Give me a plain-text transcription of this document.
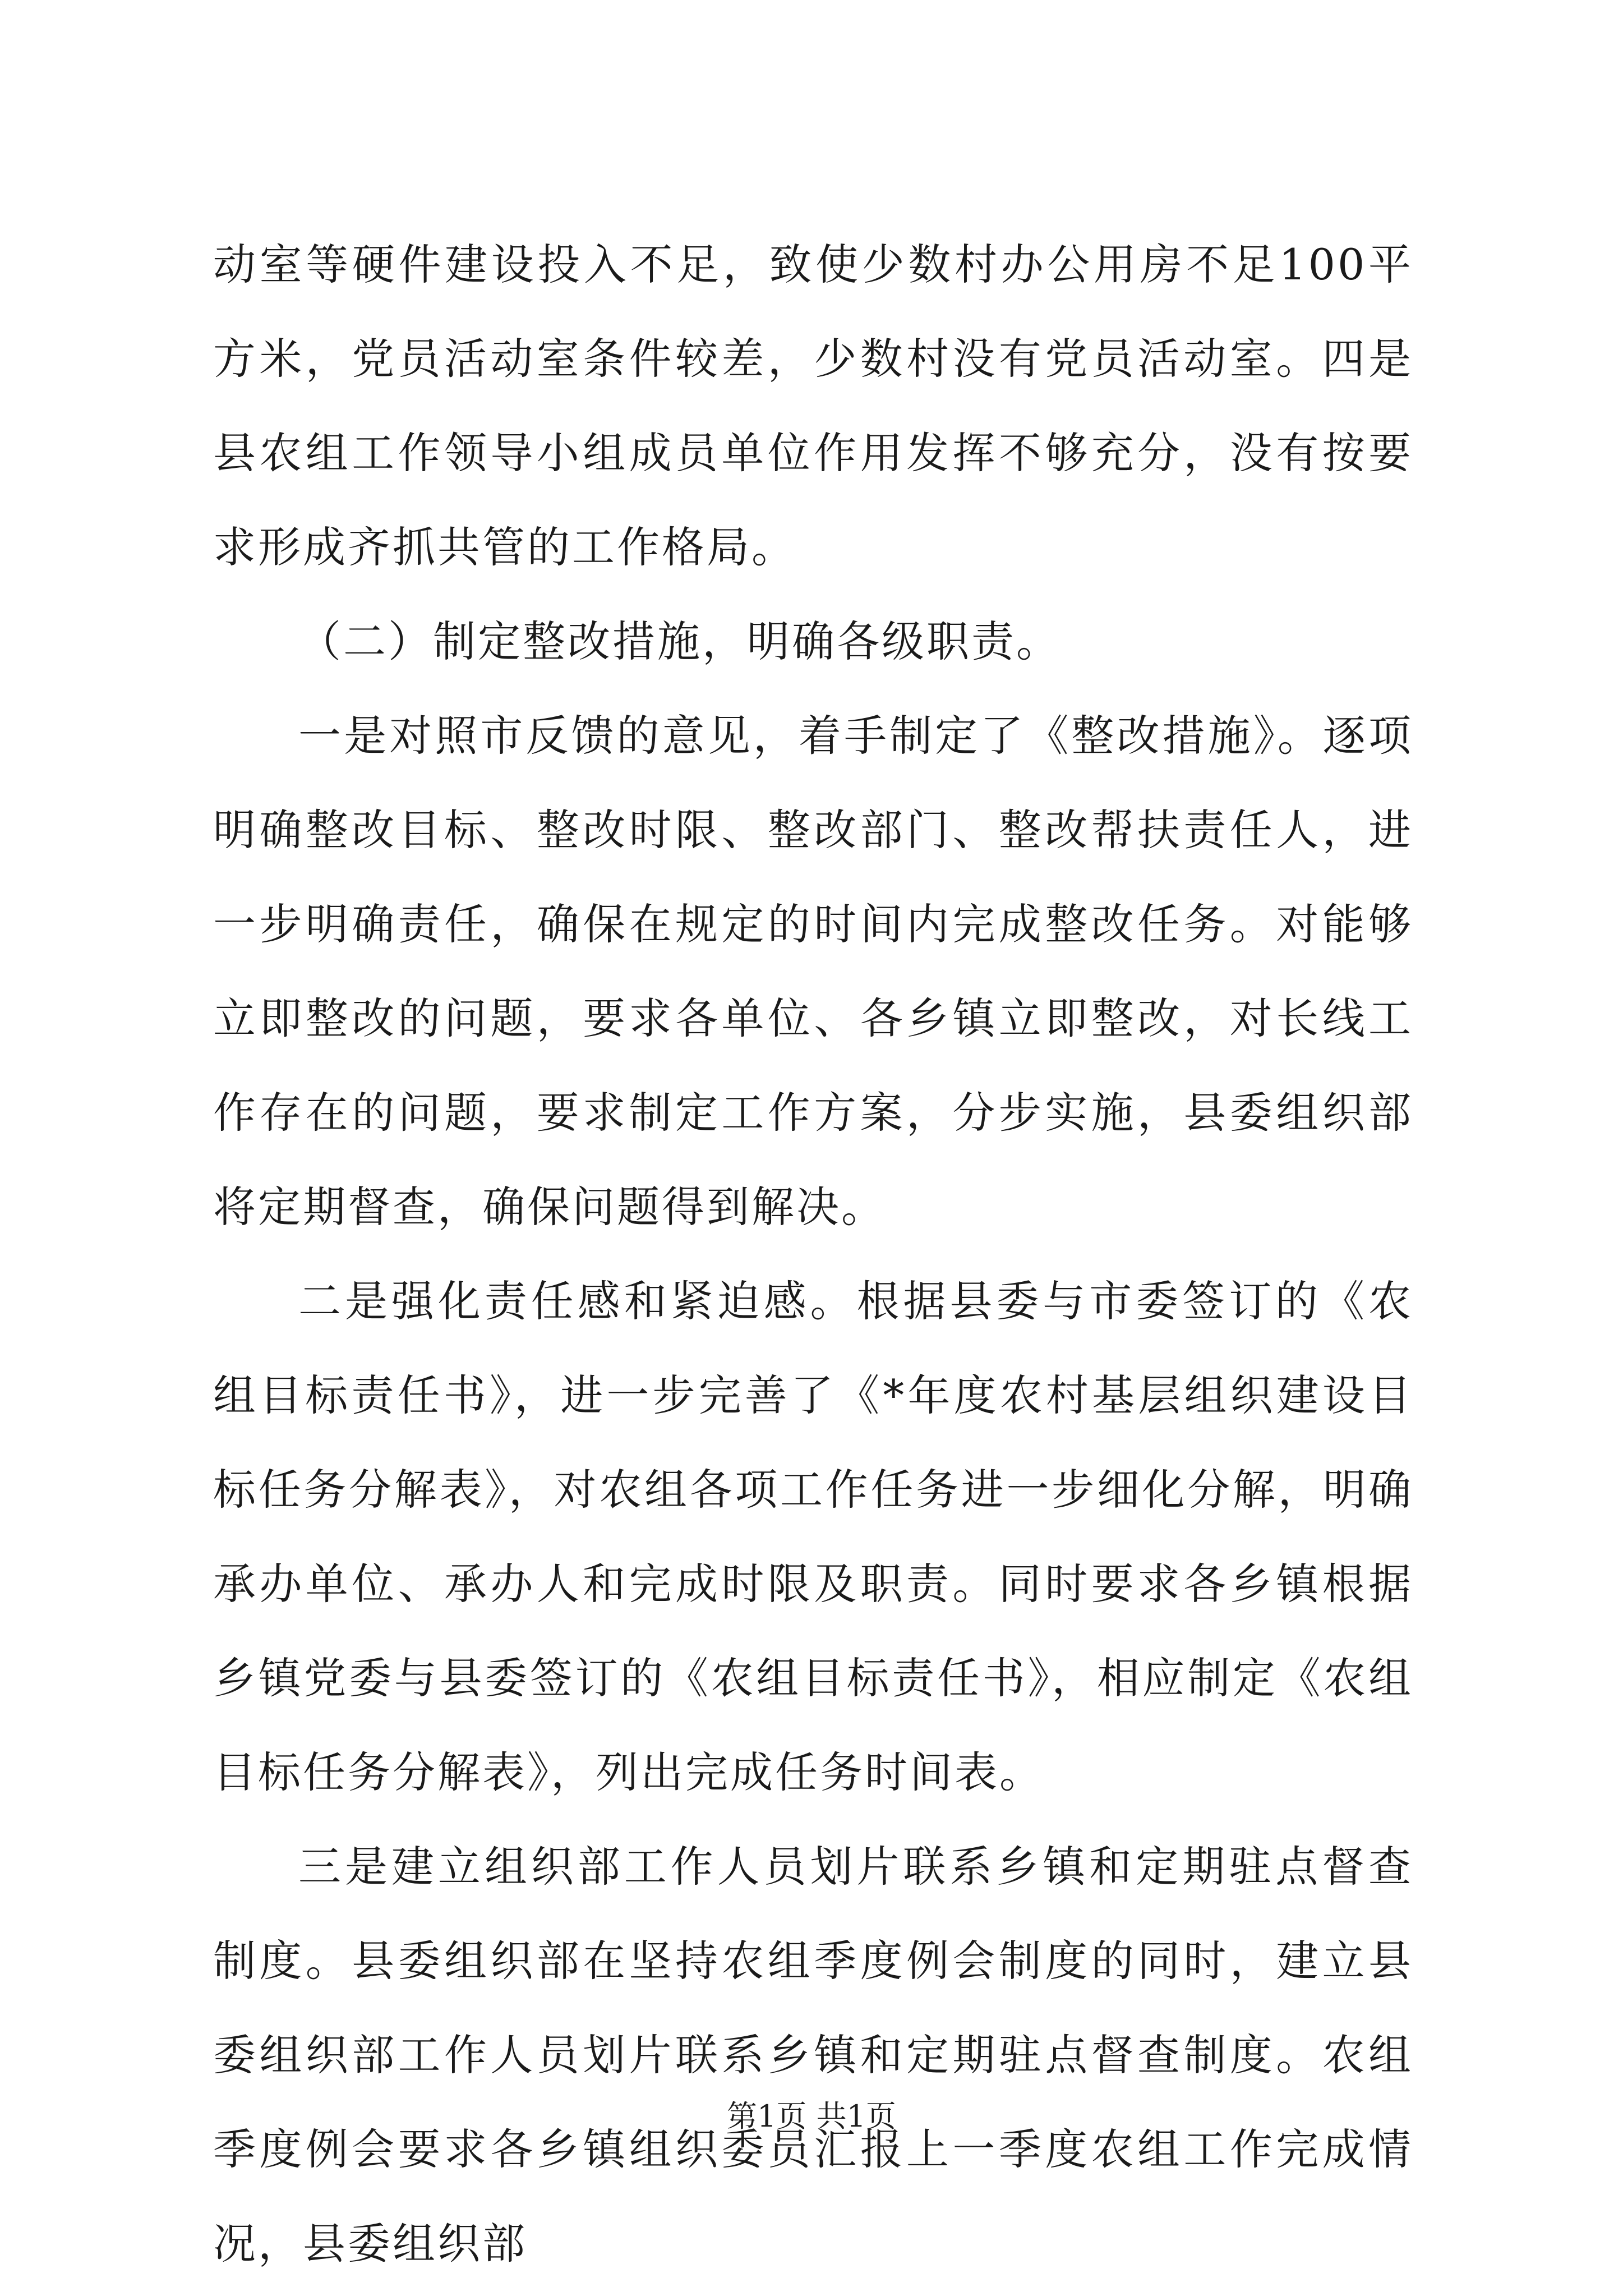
动室等硬件建设投入不足，致使少数村办公用房不足100平方米，党员活动室条件较差，少数村没有党员活动室。四是县农组工作领导小组成员单位作用发挥不够充分，没有按要求形成齐抓共管的工作格局。

（二）制定整改措施，明确各级职责。

一是对照市反馈的意见，着手制定了《整改措施》。逐项明确整改目标、整改时限、整改部门、整改帮扶责任人，进一步明确责任，确保在规定的时间内完成整改任务。对能够立即整改的问题，要求各单位、各乡镇立即整改，对长线工作存在的问题，要求制定工作方案，分步实施，县委组织部将定期督查，确保问题得到解决。

二是强化责任感和紧迫感。根据县委与市委签订的《农组目标责任书》，进一步完善了《*年度农村基层组织建设目标任务分解表》，对农组各项工作任务进一步细化分解，明确承办单位、承办人和完成时限及职责。同时要求各乡镇根据乡镇党委与县委签订的《农组目标责任书》，相应制定《农组目标任务分解表》，列出完成任务时间表。

三是建立组织部工作人员划片联系乡镇和定期驻点督查制度。县委组织部在坚持农组季度例会制度的同时，建立县委组织部工作人员划片联系乡镇和定期驻点督查制度。农组季度例会要求各乡镇组织委员汇报上一季度农组工作完成情况，县委组织部

第1页 共1页
